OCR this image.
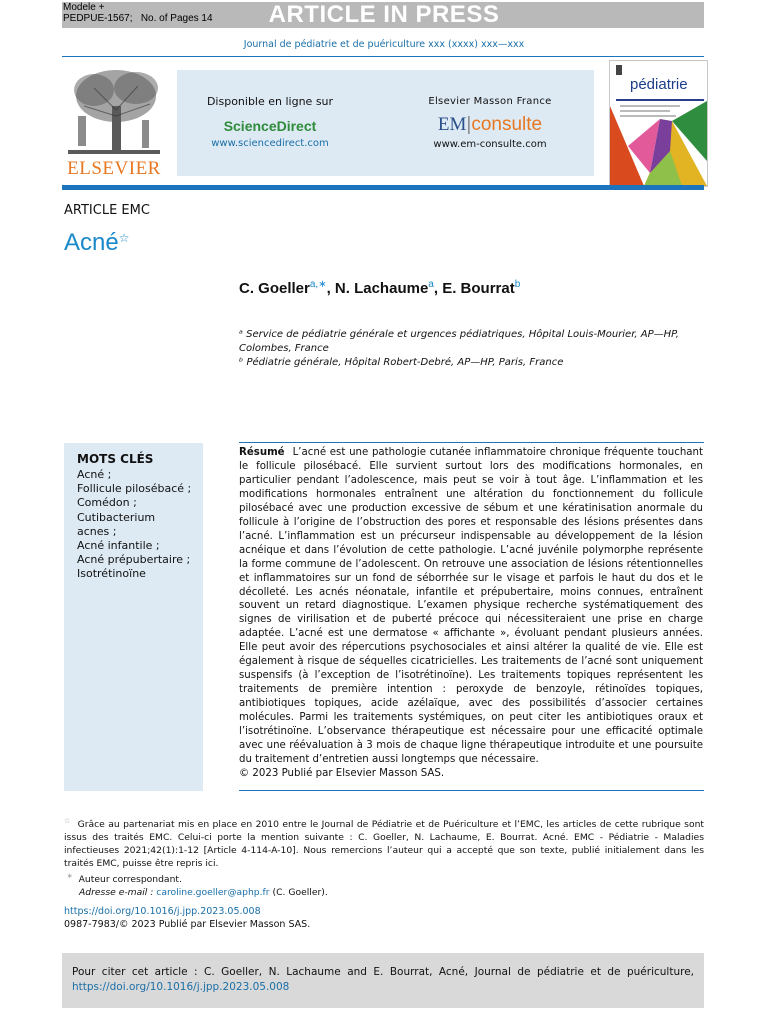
Modele +
PEDPUE-1567; No. of Pages 14	ARTICLE IN PRESS
Journal de pédiatrie et de puériculture xxx (xxxx) xxx—xxx
ELSEVIER
Disponible en ligne sur
ScienceDirect
www.sciencedirect.com
Elsevier Masson France
EM|consulte
www.em-consulte.com
pédiatrie
ARTICLE EMC
Acné☆
C. Goeller$^{a,∗}$, N. Lachaume$^a$, E. Bourrat$^b$
ᵃ Service de pédiatrie générale et urgences pédiatriques, Hôpital Louis-Mourier, AP—HP, Colombes, France
ᵇ Pédiatrie générale, Hôpital Robert-Debré, AP—HP, Paris, France
MOTS CLÉS
Acné ;
Follicule pilosébacé ;
Comédon ;
Cutibacterium
acnes ;
Acné infantile ;
Acné prépubertaire ;
Isotrétinoïne
Résumé L’acné est une pathologie cutanée inflammatoire chronique fréquente touchant le follicule pilosébacé. Elle survient surtout lors des modifications hormonales, en particulier pendant l’adolescence, mais peut se voir à tout âge. L’inflammation et les modifications hormonales entraînent une altération du fonctionnement du follicule pilosébacé avec une production excessive de sébum et une kératinisation anormale du follicule à l’origine de l’obstruction des pores et responsable des lésions présentes dans l’acné. L’inflammation est un précurseur indispensable au développement de la lésion acnéique et dans l’évolution de cette pathologie. L’acné juvénile polymorphe représente la forme commune de l’adolescent. On retrouve une association de lésions rétentionnelles et inflammatoires sur un fond de séborrhée sur le visage et parfois le haut du dos et le décolleté. Les acnés néonatale, infantile et prépubertaire, moins connues, entraînent souvent un retard diagnostique. L’examen physique recherche systématiquement des signes de virilisation et de puberté précoce qui nécessiteraient une prise en charge adaptée. L’acné est une dermatose « affichante », évoluant pendant plusieurs années. Elle peut avoir des répercutions psychosociales et ainsi altérer la qualité de vie. Elle est également à risque de séquelles cicatricielles. Les traitements de l’acné sont uniquement suspensifs (à l’exception de l’isotrétinoïne). Les traitements topiques représentent les traitements de première intention : peroxyde de benzoyle, rétinoïdes topiques, antibiotiques topiques, acide azélaïque, avec des possibilités d’associer certaines molécules. Parmi les traitements systémiques, on peut citer les antibiotiques oraux et l’isotrétinoïne. L’observance thérapeutique est nécessaire pour une efficacité optimale avec une réévaluation à 3 mois de chaque ligne thérapeutique introduite et une poursuite du traitement d’entretien aussi longtemps que nécessaire.
© 2023 Publié par Elsevier Masson SAS.
☆ Grâce au partenariat mis en place en 2010 entre le Journal de Pédiatrie et de Puériculture et l’EMC, les articles de cette rubrique sont issus des traités EMC. Celui-ci porte la mention suivante : C. Goeller, N. Lachaume, E. Bourrat. Acné. EMC - Pédiatrie - Maladies infectieuses 2021;42(1):1-12 [Article 4-114-A-10]. Nous remercions l’auteur qui a accepté que son texte, publié initialement dans les traités EMC, puisse être repris ici.
∗ Auteur correspondant.
Adresse e-mail : caroline.goeller@aphp.fr (C. Goeller).
https://doi.org/10.1016/j.jpp.2023.05.008
0987-7983/© 2023 Publié par Elsevier Masson SAS.
Pour citer cet article : C. Goeller, N. Lachaume and E. Bourrat, Acné, Journal de pédiatrie et de puériculture, https://doi.org/10.1016/j.jpp.2023.05.008
